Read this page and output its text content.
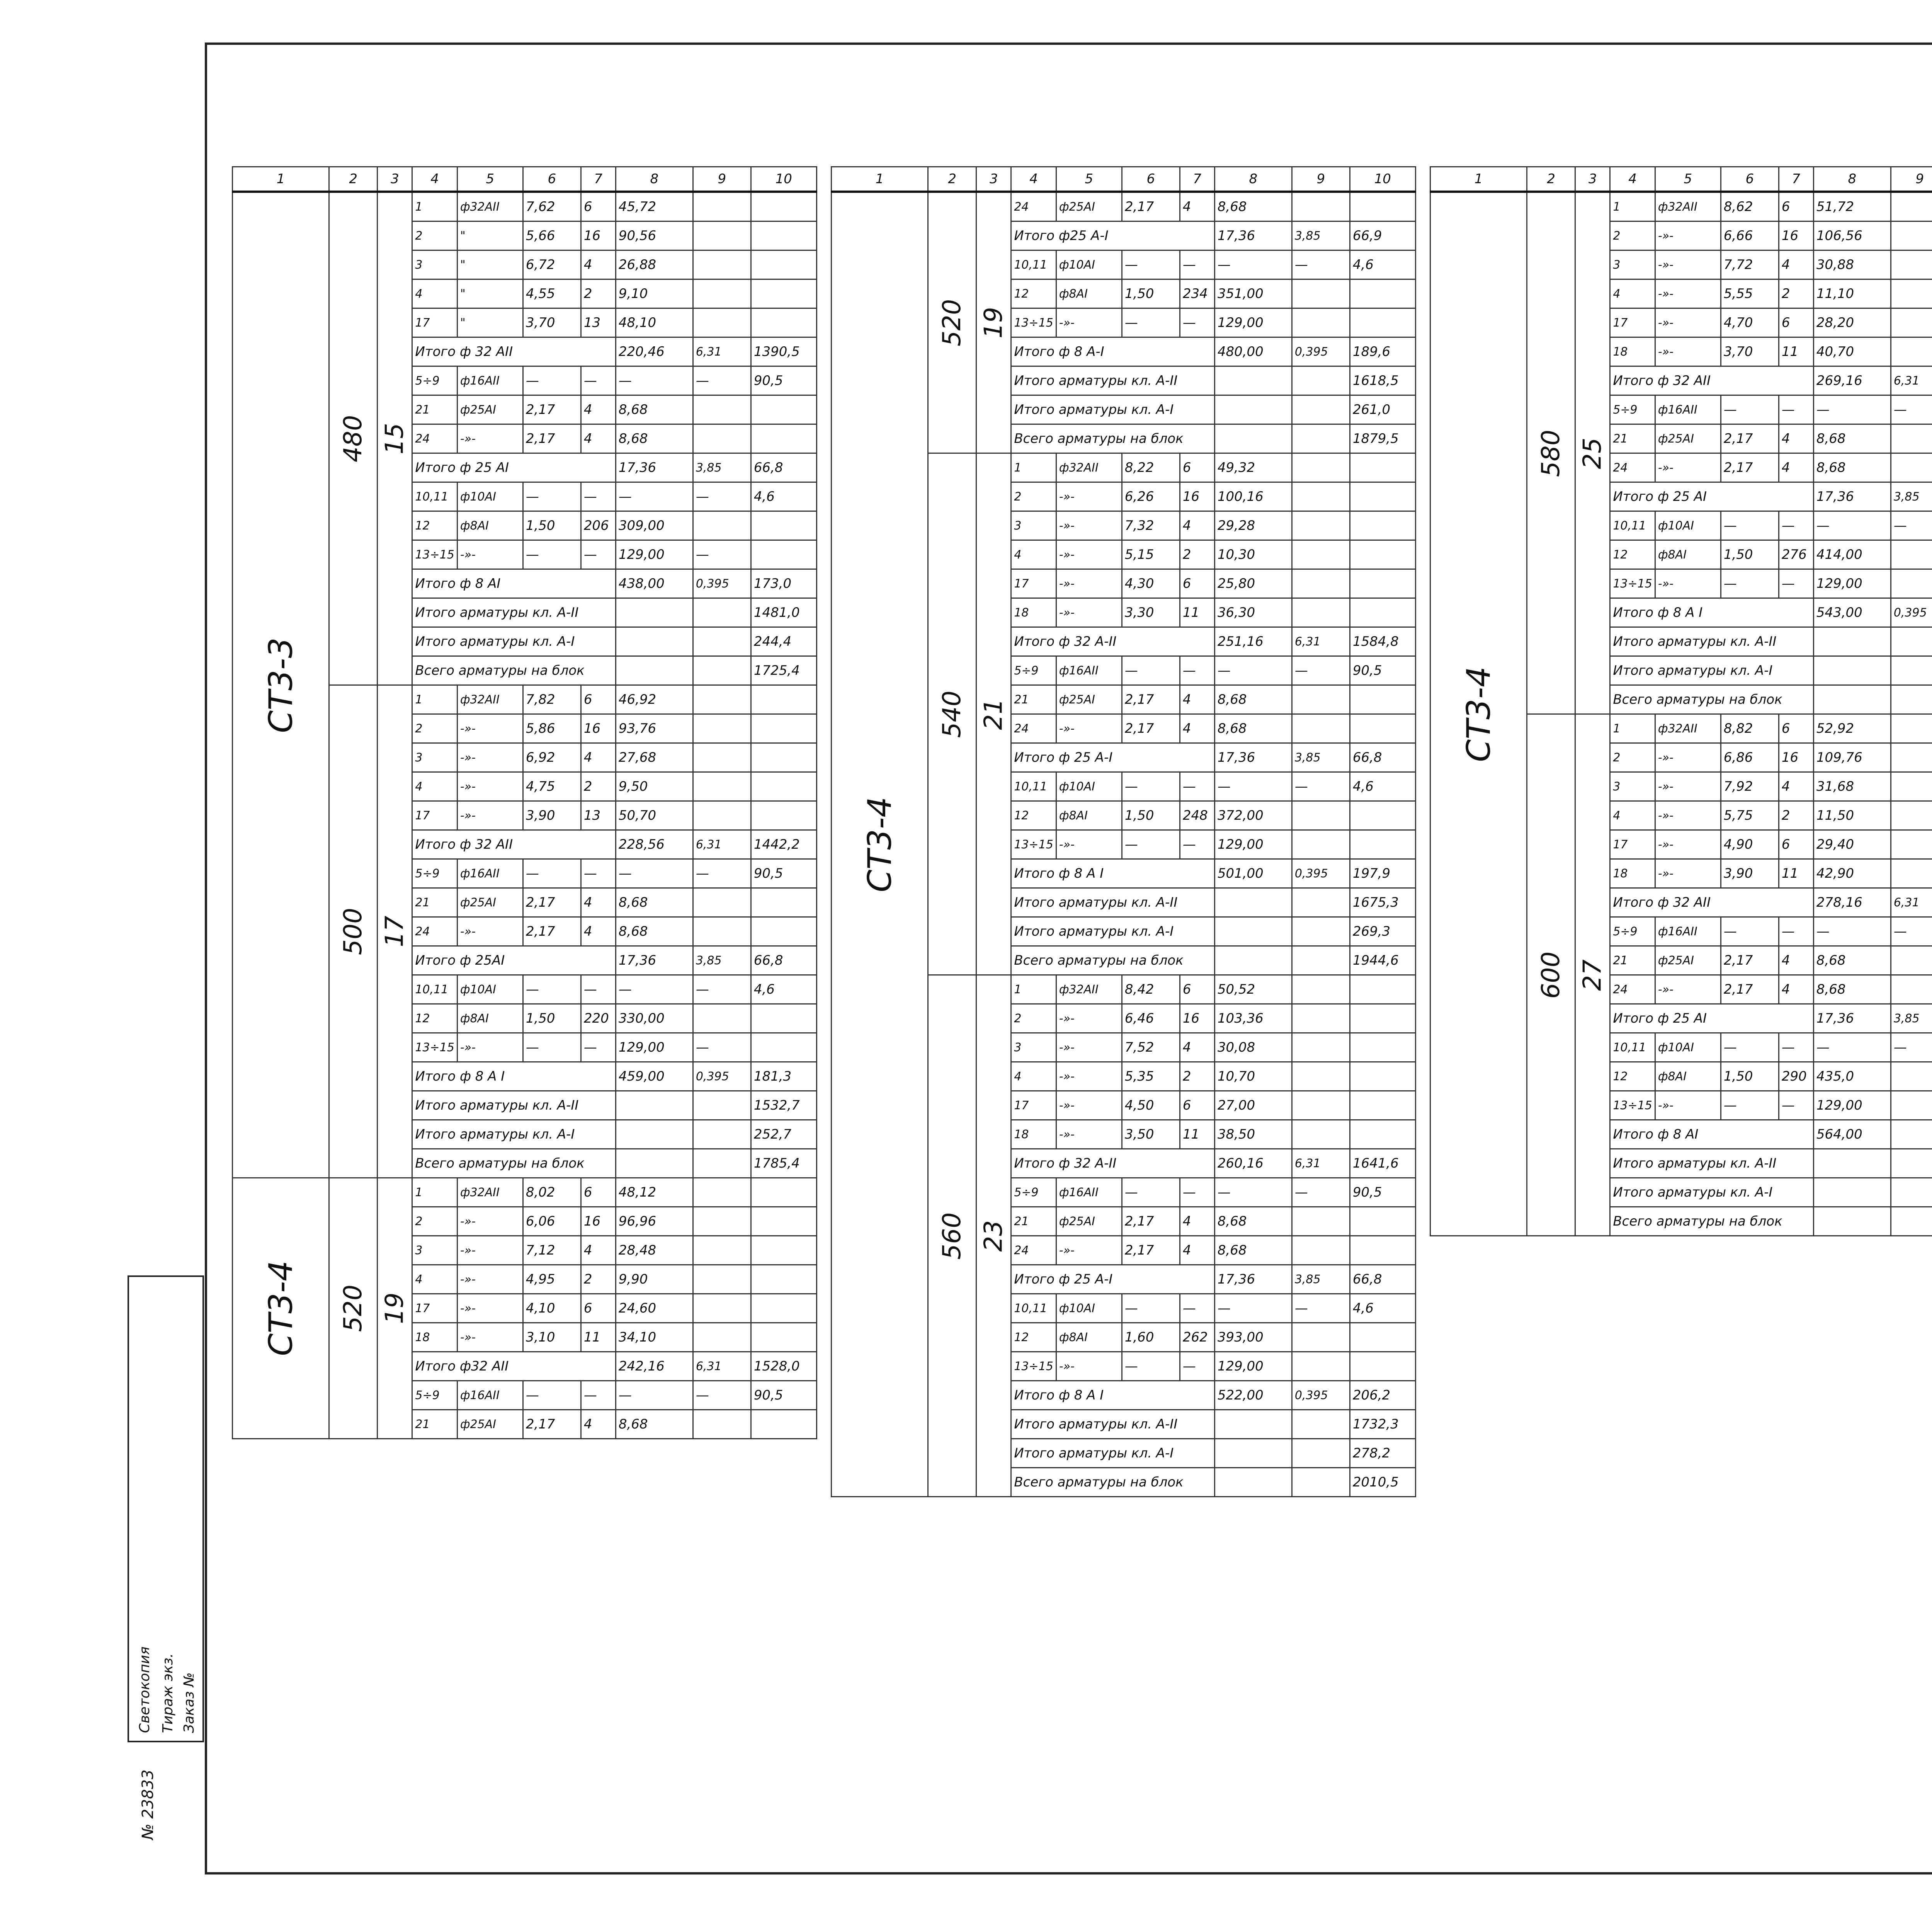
1	2	3	4	5	6	7	8	9	10
СТ3-3	480	15	1	ф32АII	7,62	6	45,72		
			2	"	5,66	16	90,56		
			3	"	6,72	4	26,88		
			4	"	4,55	2	9,10		
			17	"	3,70	13	48,10		
			Итого ф 32 АII				220,46	6,31	1390,5
			5÷9	ф16АII	—	—	—	—	90,5
			21	ф25АI	2,17	4	8,68		
			24	-»-	2,17	4	8,68		
			Итого ф 25 АI				17,36	3,85	66,8
			10,11	ф10АI	—	—	—	—	4,6
			12	ф8АI	1,50	206	309,00		
			13÷15	-»-	—	—	129,00	—	
			Итого ф 8 АI				438,00	0,395	173,0
			Итого арматуры кл. А-II						1481,0
			Итого арматуры кл. А-I						244,4
			Всего арматуры на блок						1725,4
	500	17	1	ф32АII	7,82	6	46,92		
			2	-»-	5,86	16	93,76		
			3	-»-	6,92	4	27,68		
			4	-»-	4,75	2	9,50		
			17	-»-	3,90	13	50,70		
			Итого ф 32 АII				228,56	6,31	1442,2
			5÷9	ф16АII	—	—	—	—	90,5
			21	ф25АI	2,17	4	8,68		
			24	-»-	2,17	4	8,68		
			Итого ф 25АI				17,36	3,85	66,8
			10,11	ф10АI	—	—	—	—	4,6
			12	ф8АI	1,50	220	330,00		
			13÷15	-»-	—	—	129,00	—	
			Итого ф 8 А I				459,00	0,395	181,3
			Итого арматуры кл. А-II						1532,7
			Итого арматуры кл. А-I						252,7
			Всего арматуры на блок						1785,4
СТ3-4	520	19	1	ф32АII	8,02	6	48,12		
			2	-»-	6,06	16	96,96		
			3	-»-	7,12	4	28,48		
			4	-»-	4,95	2	9,90		
			17	-»-	4,10	6	24,60		
			18	-»-	3,10	11	34,10		
			Итого ф32 АII				242,16	6,31	1528,0
			5÷9	ф16АII	—	—	—	—	90,5
			21	ф25АI	2,17	4	8,68		
1	2	3	4	5	6	7	8	9	10
СТ3-4	520	19	24	ф25АI	2,17	4	8,68		
			Итого ф25 А-I				17,36	3,85	66,9
			10,11	ф10АI	—	—	—	—	4,6
			12	ф8АI	1,50	234	351,00		
			13÷15	-»-	—	—	129,00		
			Итого ф 8 А-I				480,00	0,395	189,6
			Итого арматуры кл. А-II						1618,5
			Итого арматуры кл. А-I						261,0
			Всего арматуры на блок						1879,5
	540	21	1	ф32АII	8,22	6	49,32		
			2	-»-	6,26	16	100,16		
			3	-»-	7,32	4	29,28		
			4	-»-	5,15	2	10,30		
			17	-»-	4,30	6	25,80		
			18	-»-	3,30	11	36,30		
			Итого ф 32 А-II				251,16	6,31	1584,8
			5÷9	ф16АII	—	—	—	—	90,5
			21	ф25АI	2,17	4	8,68		
			24	-»-	2,17	4	8,68		
			Итого ф 25 А-I				17,36	3,85	66,8
			10,11	ф10АI	—	—	—	—	4,6
			12	ф8АI	1,50	248	372,00		
			13÷15	-»-	—	—	129,00		
			Итого ф 8 А I				501,00	0,395	197,9
			Итого арматуры кл. А-II						1675,3
			Итого арматуры кл. А-I						269,3
			Всего арматуры на блок						1944,6
	560	23	1	ф32АII	8,42	6	50,52		
			2	-»-	6,46	16	103,36		
			3	-»-	7,52	4	30,08		
			4	-»-	5,35	2	10,70		
			17	-»-	4,50	6	27,00		
			18	-»-	3,50	11	38,50		
			Итого ф 32 А-II				260,16	6,31	1641,6
			5÷9	ф16АII	—	—	—	—	90,5
			21	ф25АI	2,17	4	8,68		
			24	-»-	2,17	4	8,68		
			Итого ф 25 А-I				17,36	3,85	66,8
			10,11	ф10АI	—	—	—	—	4,6
			12	ф8АI	1,60	262	393,00		
			13÷15	-»-	—	—	129,00		
			Итого ф 8 А I				522,00	0,395	206,2
			Итого арматуры кл. А-II						1732,3
			Итого арматуры кл. А-I						278,2
			Всего арматуры на блок						2010,5
1	2	3	4	5	6	7	8	9	
СТ3-4	580	25	1	ф32АII	8,62	6	51,72		
			2	-»-	6,66	16	106,56		
			3	-»-	7,72	4	30,88		
			4	-»-	5,55	2	11,10		
			17	-»-	4,70	6	28,20		
			18	-»-	3,70	11	40,70		
			Итого ф 32 АII				269,16	6,31	
			5÷9	ф16АII	—	—	—	—	
			21	ф25АI	2,17	4	8,68		
			24	-»-	2,17	4	8,68		
			Итого ф 25 АI				17,36	3,85	
			10,11	ф10АI	—	—	—	—	
			12	ф8АI	1,50	276	414,00		
			13÷15	-»-	—	—	129,00		
			Итого ф 8 А I				543,00	0,395	
			Итого арматуры кл. А-II			
			Итого арматуры кл. А-I			
			Всего арматуры на блок			
	600	27	1	ф32АII	8,82	6	52,92		
			2	-»-	6,86	16	109,76		
			3	-»-	7,92	4	31,68		
			4	-»-	5,75	2	11,50		
			17	-»-	4,90	6	29,40		
			18	-»-	3,90	11	42,90		
			Итого ф 32 АII				278,16	6,31	
			5÷9	ф16АII	—	—	—	—	
			21	ф25АI	2,17	4	8,68		
			24	-»-	2,17	4	8,68		
			Итого ф 25 АI				17,36	3,85	
			10,11	ф10АI	—	—	—	—	
			12	ф8АI	1,50	290	435,0		
			13÷15	-»-	—	—	129,00		
			Итого ф 8 АI				564,00		
			Итого арматуры кл. А-II			
			Итого арматуры кл. А-I			
			Всего арматуры на блок			
Светокопия Тираж экз. Заказ №
№ 23833
